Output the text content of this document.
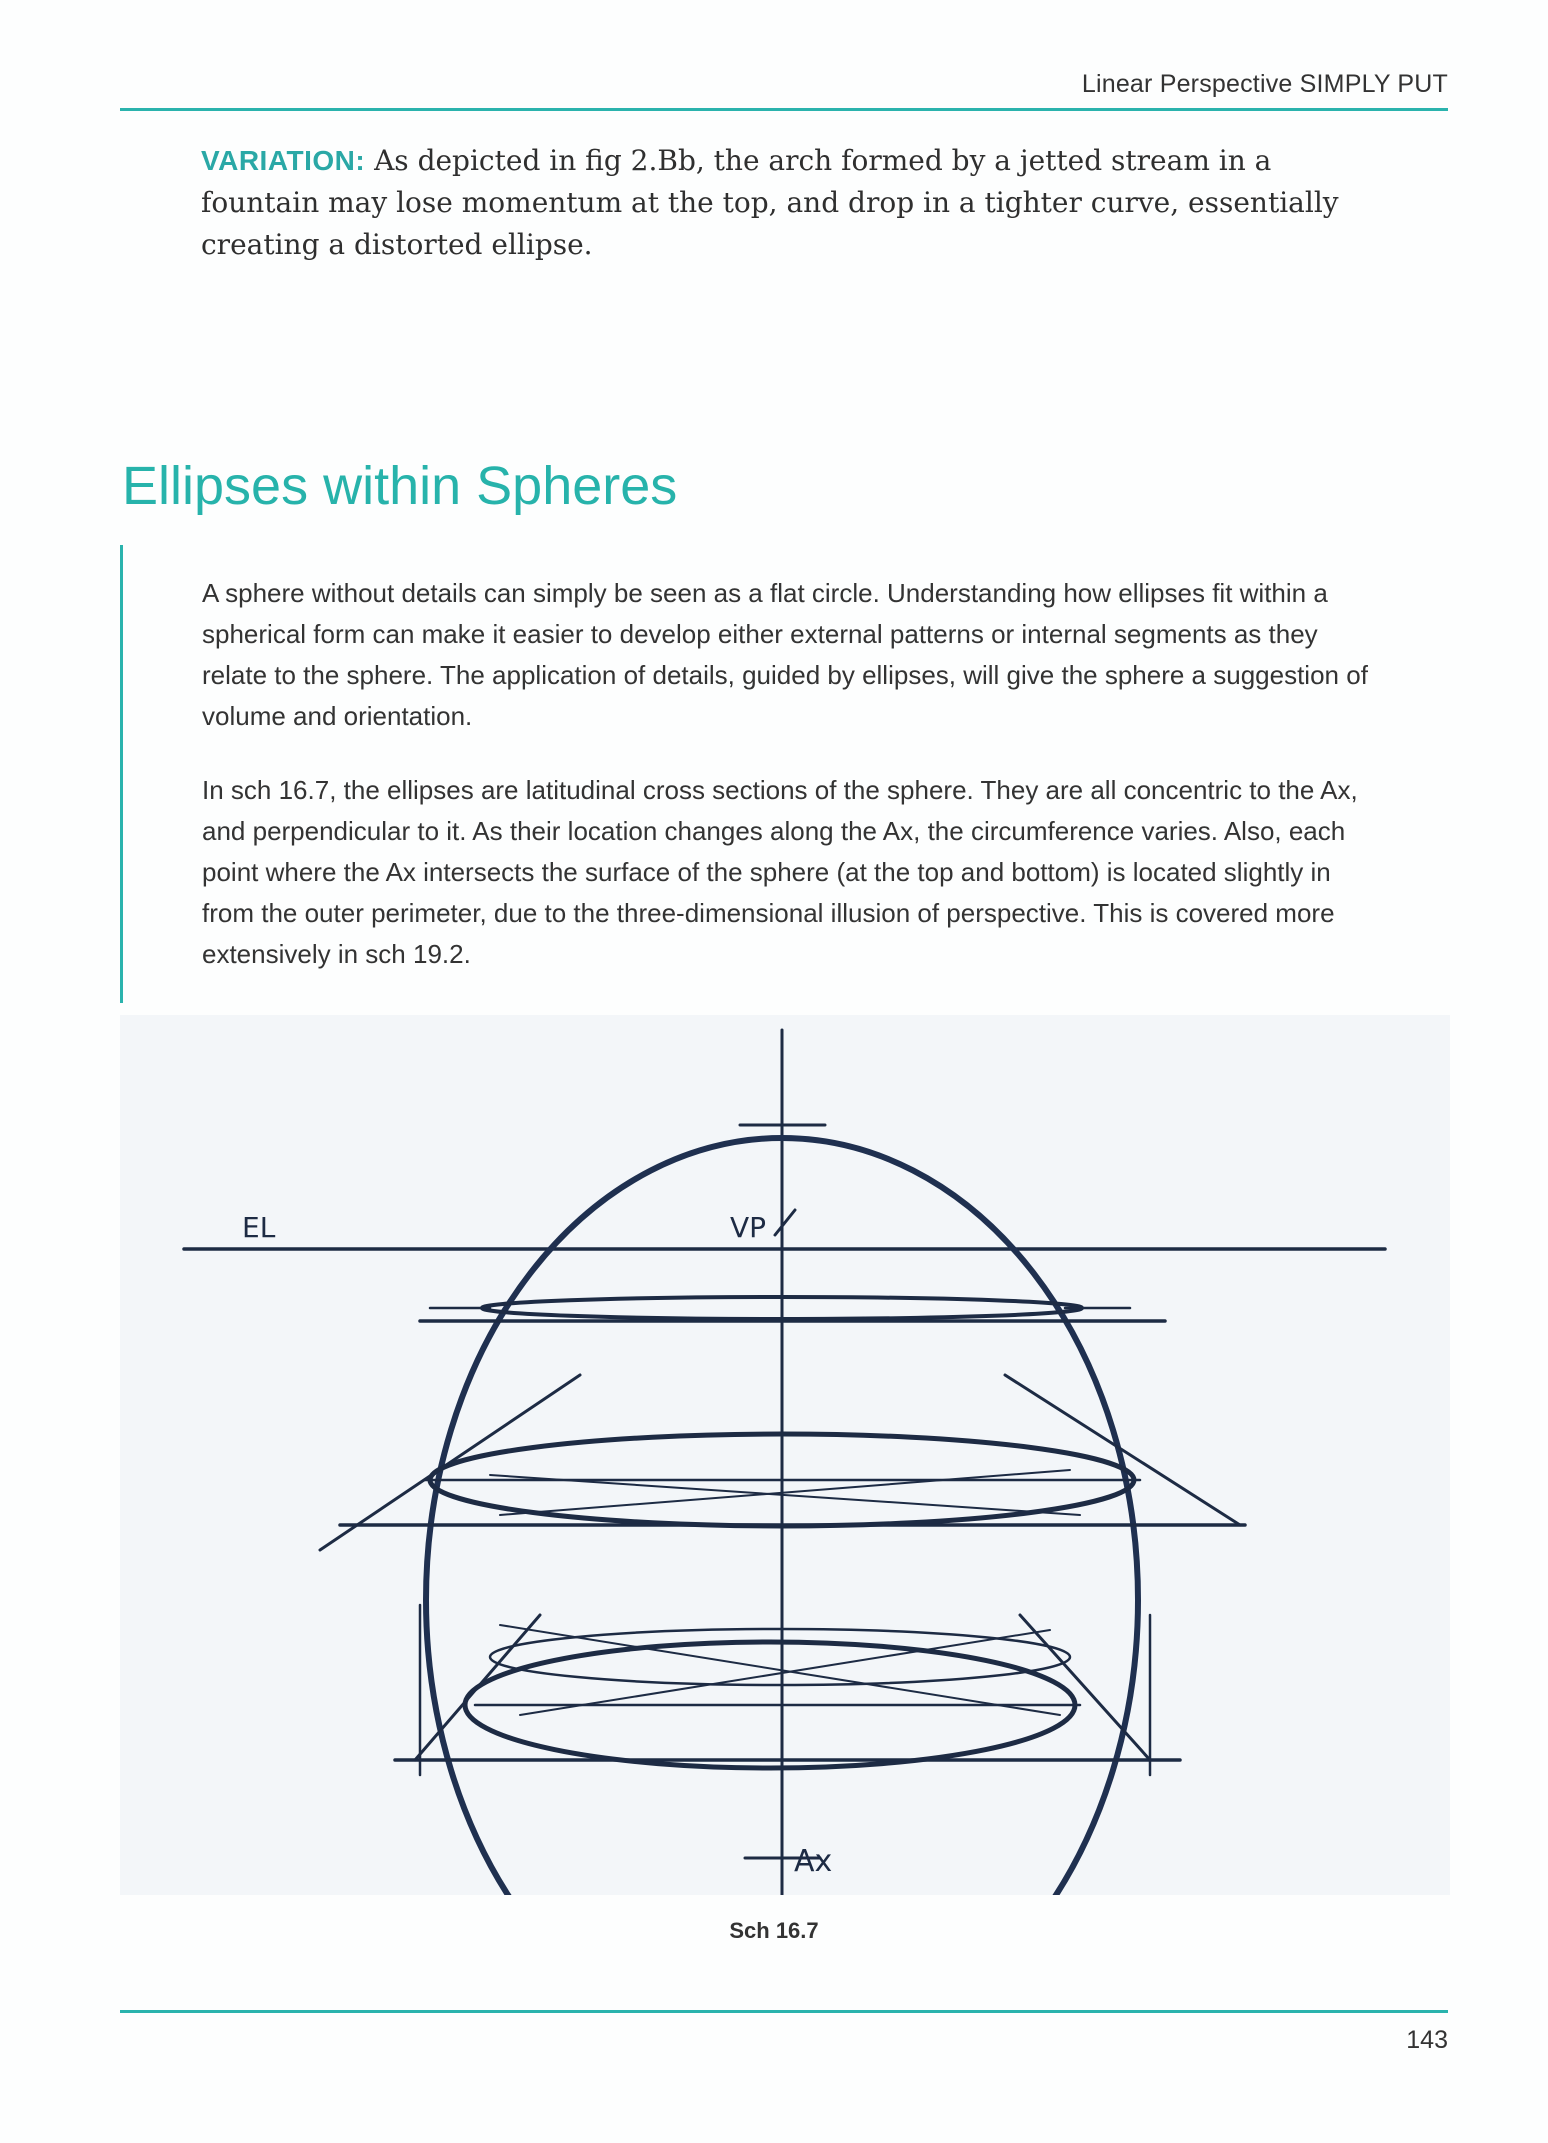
Linear Perspective SIMPLY PUT

VARIATION: As depicted in fig 2.Bb, the arch formed by a jetted stream in a fountain may lose momentum at the top, and drop in a tighter curve, essentially creating a distorted ellipse.

Ellipses within Spheres

A sphere without details can simply be seen as a flat circle. Understanding how ellipses fit within a spherical form can make it easier to develop either external patterns or internal segments as they relate to the sphere. The application of details, guided by ellipses, will give the sphere a suggestion of volume and orientation.

In sch 16.7, the ellipses are latitudinal cross sections of the sphere. They are all concentric to the Ax, and perpendicular to it. As their location changes along the Ax, the circumference varies. Also, each point where the Ax intersects the surface of the sphere (at the top and bottom) is located slightly in from the outer perimeter, due to the three-dimensional illusion of perspective. This is covered more extensively in sch 19.2.

EL	VP
Ax
Sch 16.7
143
